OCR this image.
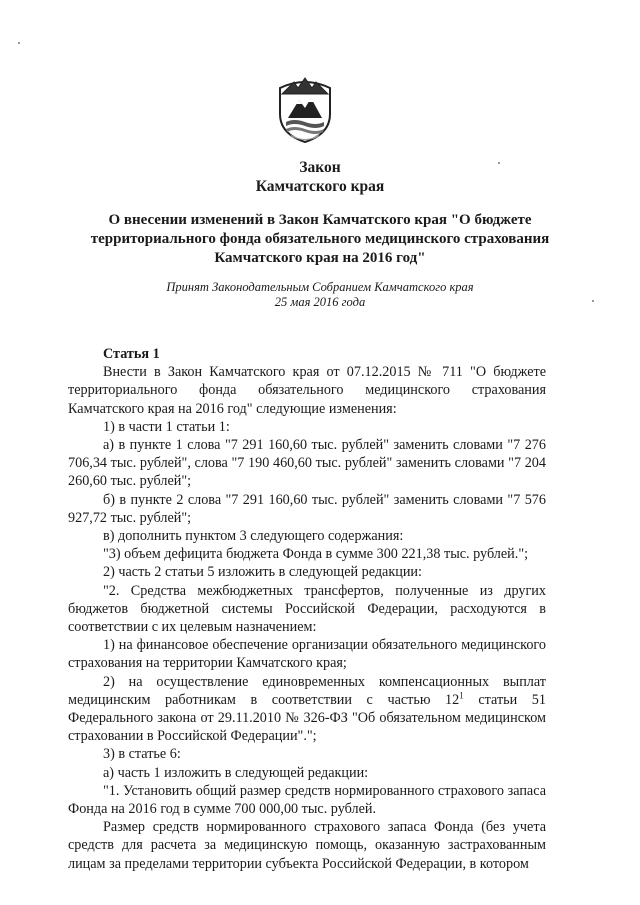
Закон
Камчатского края
О внесении изменений в Закон Камчатского края "О бюджете
территориального фонда обязательного медицинского страхования
Камчатского края на 2016 год"
Принят Законодательным Собранием Камчатского края
25 мая 2016 года

Статья 1

Внести в Закон Камчатского края от 07.12.2015 № 711 "О бюджете территориального фонда обязательного медицинского страхования Камчатского края на 2016 год" следующие изменения:

1) в части 1 статьи 1:

а) в пункте 1 слова "7 291 160,60 тыс. рублей" заменить словами "7 276 706,34 тыс. рублей", слова "7 190 460,60 тыс. рублей" заменить словами "7 204 260,60 тыс. рублей";

б) в пункте 2 слова "7 291 160,60 тыс. рублей" заменить словами "7 576 927,72 тыс. рублей";

в) дополнить пунктом 3 следующего содержания:

"3) объем дефицита бюджета Фонда в сумме 300 221,38 тыс. рублей.";

2) часть 2 статьи 5 изложить в следующей редакции:

"2. Средства межбюджетных трансфертов, полученные из других бюджетов бюджетной системы Российской Федерации, расходуются в соответствии с их целевым назначением:

1) на финансовое обеспечение организации обязательного медицинского страхования на территории Камчатского края;

2) на осуществление единовременных компенсационных выплат медицинским работникам в соответствии с частью $12^1$ статьи 51 Федерального закона от 29.11.2010 № 326-ФЗ "Об обязательном медицинском страховании в Российской Федерации".";

3) в статье 6:

а) часть 1 изложить в следующей редакции:

"1. Установить общий размер средств нормированного страхового запаса Фонда на 2016 год в сумме 700 000,00 тыс. рублей.

Размер средств нормированного страхового запаса Фонда (без учета средств для расчета за медицинскую помощь, оказанную застрахованным лицам за пределами территории субъекта Российской Федерации, в котором
